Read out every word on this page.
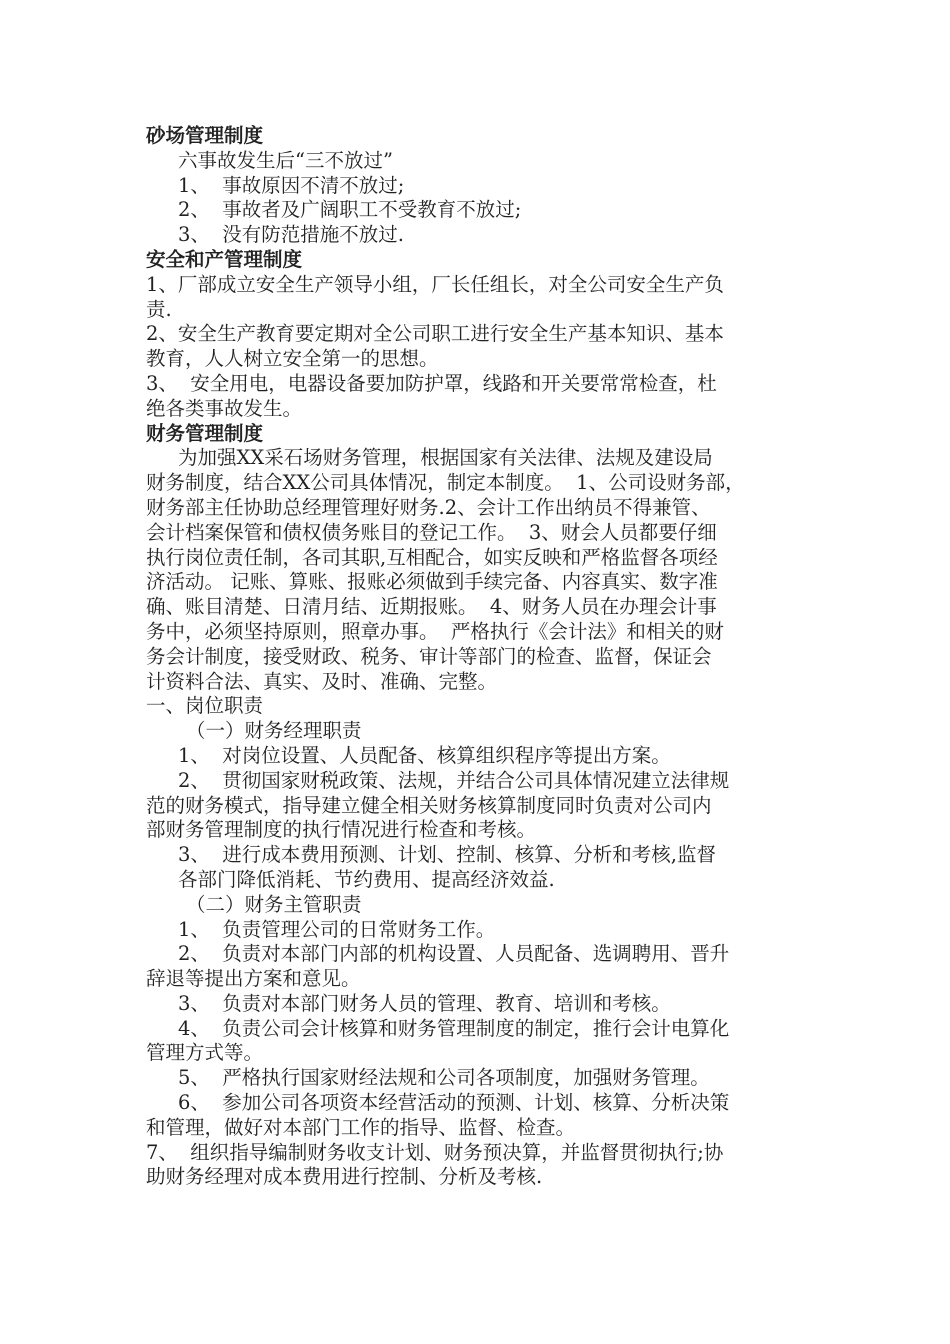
砂场管理制度
六事故发生后“三不放过”
1、  事故原因不清不放过;
2、  事故者及广阔职工不受教育不放过;
3、  没有防范措施不放过.
安全和产管理制度
1、厂部成立安全生产领导小组，厂长任组长，对全公司安全生产负
责.
2、安全生产教育要定期对全公司职工进行安全生产基本知识、基本
教育，人人树立安全第一的思想。
3、  安全用电，电器设备要加防护罩，线路和开关要常常检查，杜
绝各类事故发生。
财务管理制度
为加强XX采石场财务管理，根据国家有关法律、法规及建设局
财务制度，结合XX公司具体情况，制定本制度。  1、公司设财务部，
财务部主任协助总经理管理好财务.2、会计工作出纳员不得兼管、
会计档案保管和债权债务账目的登记工作。  3、财会人员都要仔细
执行岗位责任制，各司其职,互相配合，如实反映和严格监督各项经
济活动。 记账、算账、报账必须做到手续完备、内容真实、数字准
确、账目清楚、日清月结、近期报账。  4、财务人员在办理会计事
务中，必须坚持原则，照章办事。  严格执行《会计法》和相关的财
务会计制度，接受财政、税务、审计等部门的检查、监督，保证会
计资料合法、真实、及时、准确、完整。
一、岗位职责
（一）财务经理职责
1、  对岗位设置、人员配备、核算组织程序等提出方案。
2、  贯彻国家财税政策、法规，并结合公司具体情况建立法律规
范的财务模式，指导建立健全相关财务核算制度同时负责对公司内
部财务管理制度的执行情况进行检查和考核。
3、  进行成本费用预测、计划、控制、核算、分析和考核,监督
各部门降低消耗、节约费用、提高经济效益.
（二）财务主管职责
1、  负责管理公司的日常财务工作。
2、  负责对本部门内部的机构设置、人员配备、选调聘用、晋升
辞退等提出方案和意见。
3、  负责对本部门财务人员的管理、教育、培训和考核。
4、  负责公司会计核算和财务管理制度的制定，推行会计电算化
管理方式等。
5、  严格执行国家财经法规和公司各项制度，加强财务管理。
6、  参加公司各项资本经营活动的预测、计划、核算、分析决策
和管理，做好对本部门工作的指导、监督、检查。
7、  组织指导编制财务收支计划、财务预决算，并监督贯彻执行;协
助财务经理对成本费用进行控制、分析及考核.
